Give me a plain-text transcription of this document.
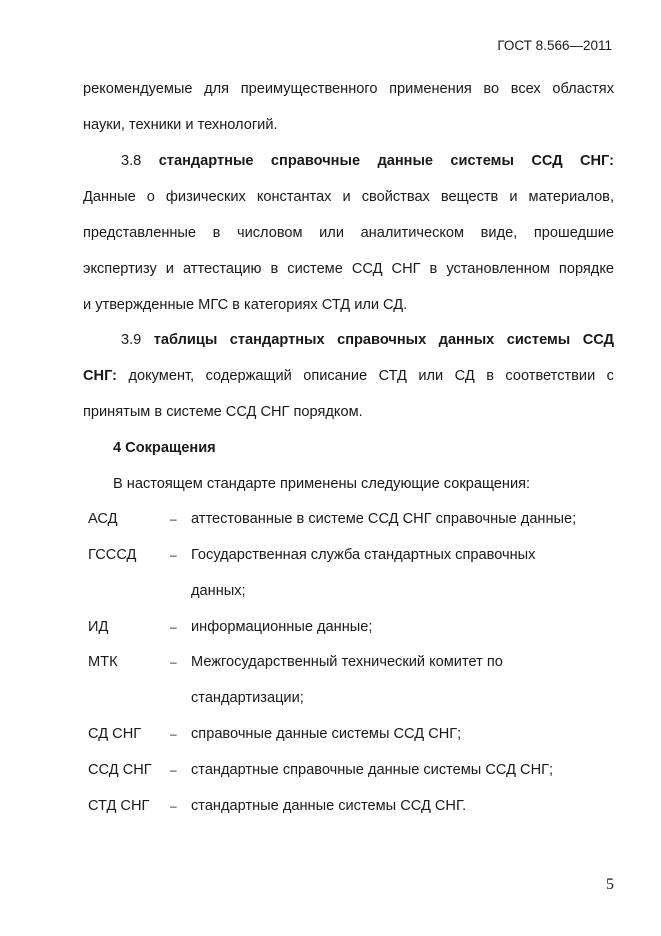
ГОСТ 8.566—2011
рекомендуемые для преимущественного применения во всех областях
науки, техники и технологий.
3.8 стандартные справочные данные системы ССД СНГ:
Данные о физических константах и свойствах веществ и материалов,
представленные в числовом или аналитическом виде, прошедшие
экспертизу и аттестацию в системе ССД СНГ в установленном порядке
и утвержденные МГС в категориях СТД или СД.
3.9 таблицы стандартных справочных данных системы ССД
СНГ: документ, содержащий описание СТД или СД в соответствии с
принятым в системе ССД СНГ порядком.
4 Сокращения
В настоящем стандарте применены следующие сокращения:
АСД	– аттестованные в системе ССД СНГ справочные данные;
ГСССД	– Государственная служба стандартных справочных
данных;
ИД	– информационные данные;
МТК	– Межгосударственный технический комитет по
стандартизации;
СД СНГ – справочные данные системы ССД СНГ;
ССД СНГ – стандартные справочные данные системы ССД СНГ;
СТД СНГ – стандартные данные системы ССД СНГ.
5
